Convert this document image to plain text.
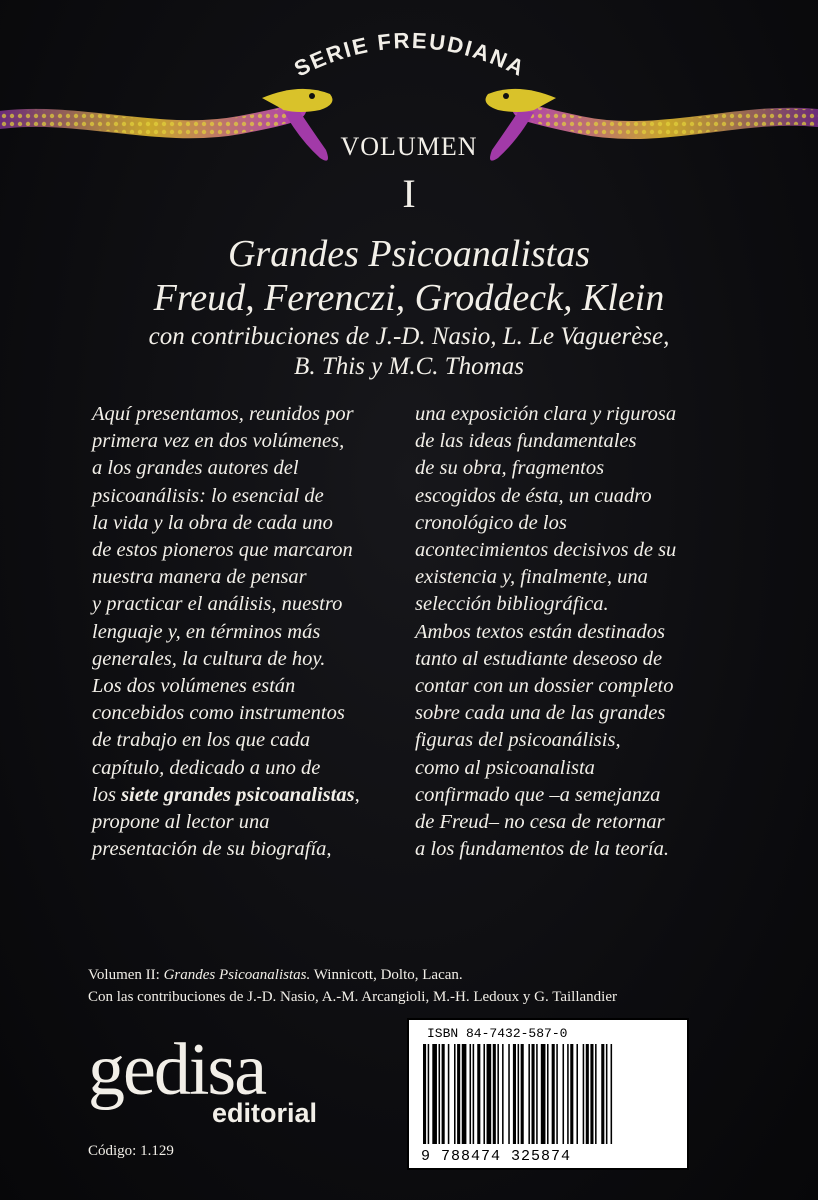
SERIE FREUDIANA
VOLUMEN
I
Grandes Psicoanalistas
Freud, Ferenczi, Groddeck, Klein
con contribuciones de J.-D. Nasio, L. Le Vaguerèse,
B. This y M.C. Thomas
Aquí presentamos, reunidos por
primera vez en dos volúmenes,
a los grandes autores del
psicoanálisis: lo esencial de
la vida y la obra de cada uno
de estos pioneros que marcaron
nuestra manera de pensar
y practicar el análisis, nuestro
lenguaje y, en términos más
generales, la cultura de hoy.
Los dos volúmenes están
concebidos como instrumentos
de trabajo en los que cada
capítulo, dedicado a uno de
los siete grandes psicoanalistas,
propone al lector una
presentación de su biografía,
una exposición clara y rigurosa
de las ideas fundamentales
de su obra, fragmentos
escogidos de ésta, un cuadro
cronológico de los
acontecimientos decisivos de su
existencia y, finalmente, una
selección bibliográfica.
Ambos textos están destinados
tanto al estudiante deseoso de
contar con un dossier completo
sobre cada una de las grandes
figuras del psicoanálisis,
como al psicoanalista
confirmado que –a semejanza
de Freud– no cesa de retornar
a los fundamentos de la teoría.
Volumen II: Grandes Psicoanalistas. Winnicott, Dolto, Lacan.
Con las contribuciones de J.-D. Nasio, A.-M. Arcangioli, M.-H. Ledoux y G. Taillandier
ISBN 84-7432-587-0
9 788474 325874
gedisa
editorial
Código: 1.129
